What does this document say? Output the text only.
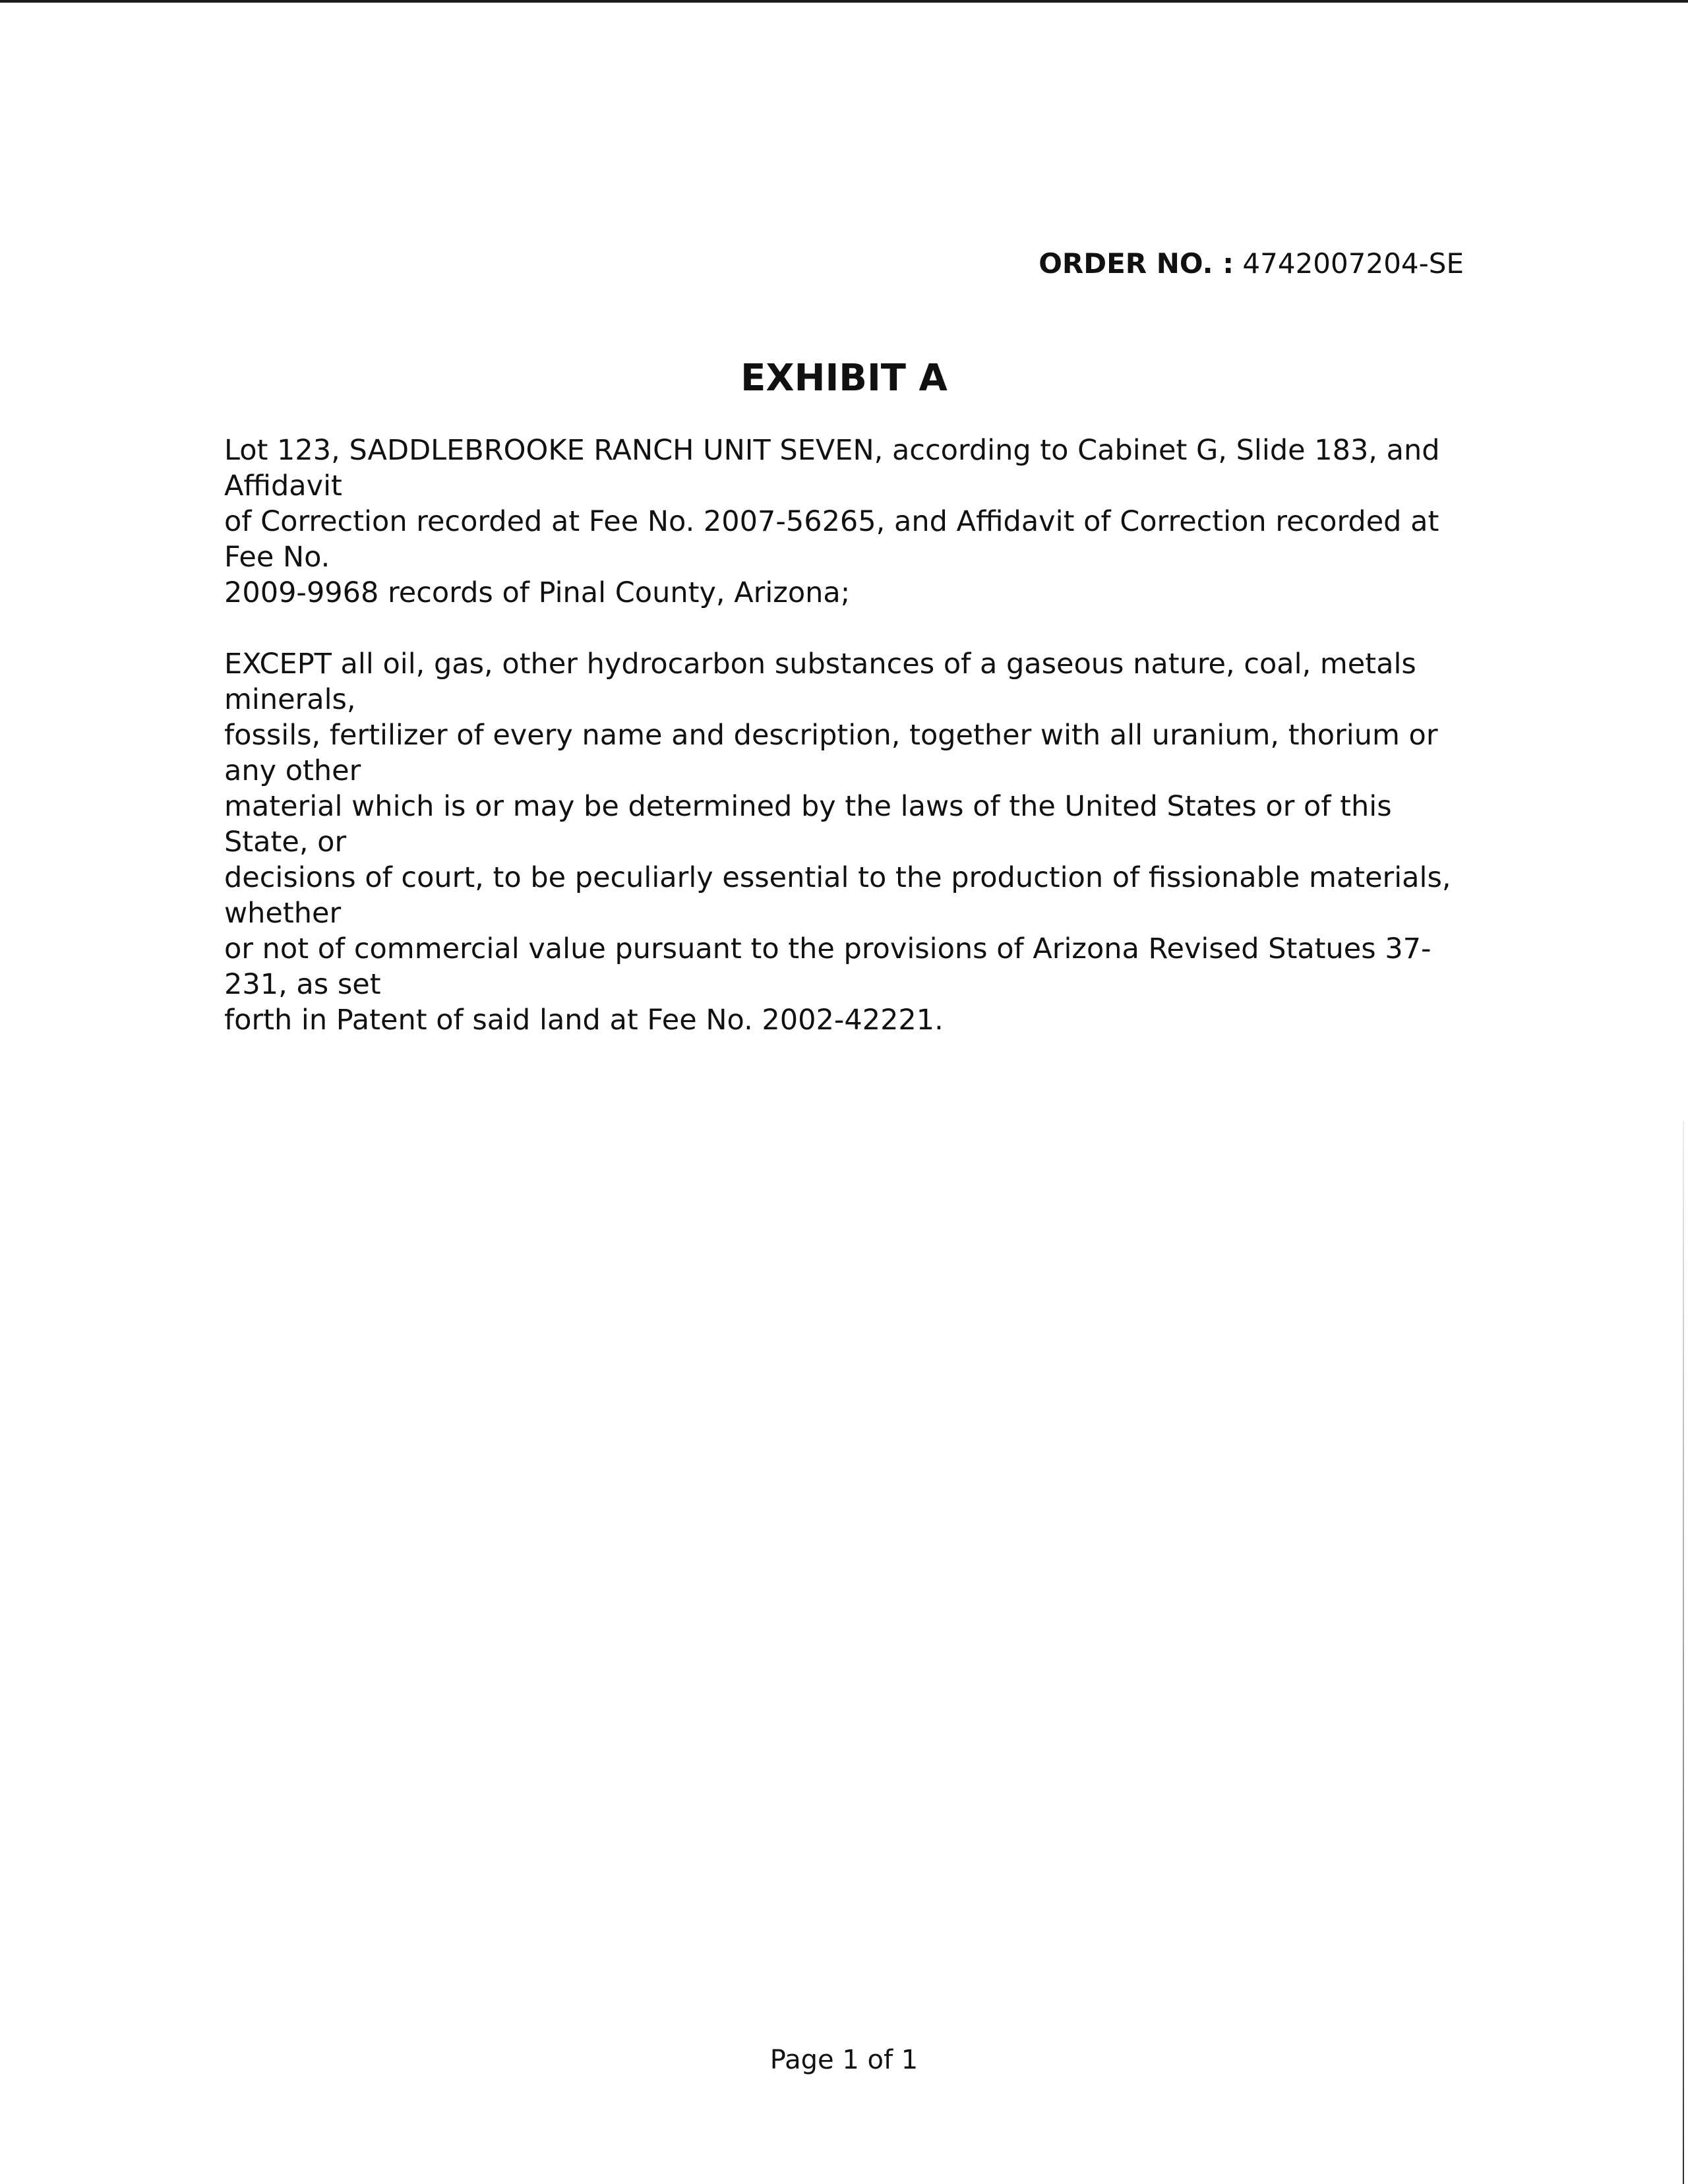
ORDER NO. : 4742007204-SE
EXHIBIT A

Lot 123, SADDLEBROOKE RANCH UNIT SEVEN, according to Cabinet G, Slide 183, and Affidavit
of Correction recorded at Fee No. 2007-56265, and Affidavit of Correction recorded at Fee No.
2009-9968 records of Pinal County, Arizona;

EXCEPT all oil, gas, other hydrocarbon substances of a gaseous nature, coal, metals minerals,
fossils, fertilizer of every name and description, together with all uranium, thorium or any other
material which is or may be determined by the laws of the United States or of this State, or
decisions of court, to be peculiarly essential to the production of fissionable materials, whether
or not of commercial value pursuant to the provisions of Arizona Revised Statues 37-231, as set
forth in Patent of said land at Fee No. 2002-42221.

Page 1 of 1
